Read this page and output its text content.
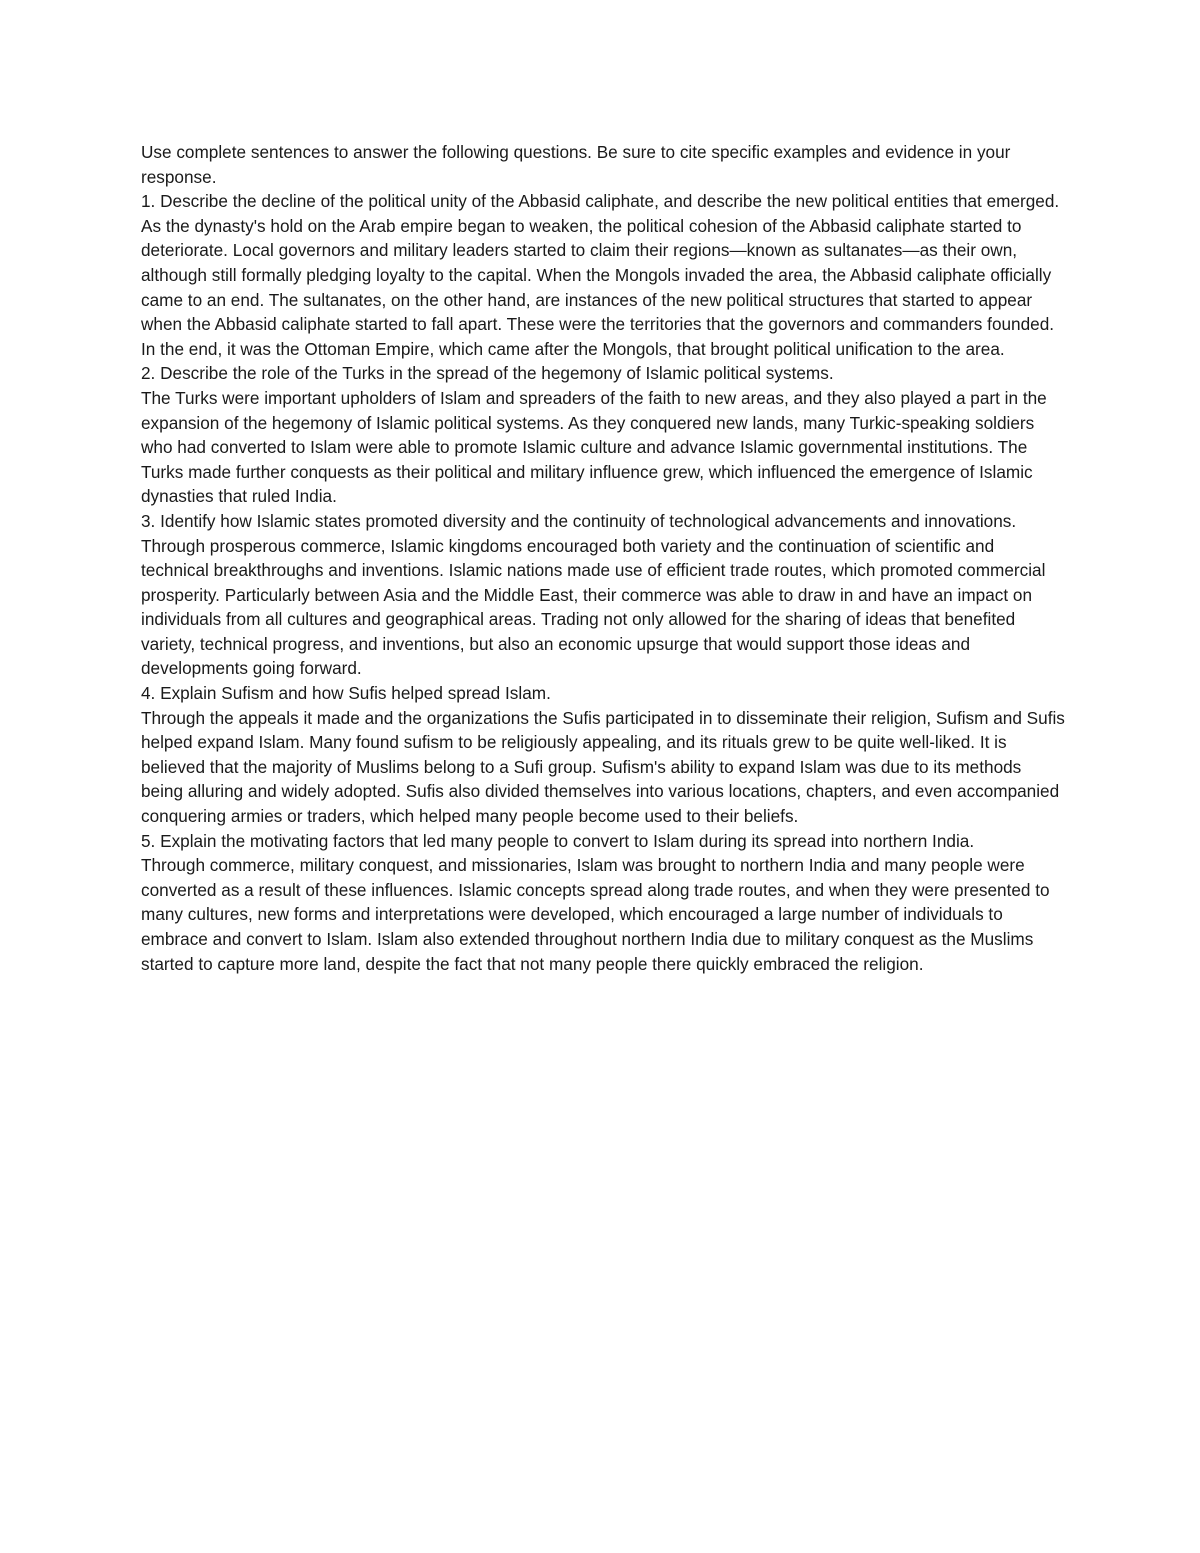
Use complete sentences to answer the following questions. Be sure to cite specific examples and evidence in your response.

1. Describe the decline of the political unity of the Abbasid caliphate, and describe the new political entities that emerged.

As the dynasty's hold on the Arab empire began to weaken, the political cohesion of the Abbasid caliphate started to deteriorate. Local governors and military leaders started to claim their regions—known as sultanates—as their own, although still formally pledging loyalty to the capital. When the Mongols invaded the area, the Abbasid caliphate officially came to an end. The sultanates, on the other hand, are instances of the new political structures that started to appear when the Abbasid caliphate started to fall apart. These were the territories that the governors and commanders founded. In the end, it was the Ottoman Empire, which came after the Mongols, that brought political unification to the area.

2. Describe the role of the Turks in the spread of the hegemony of Islamic political systems.

The Turks were important upholders of Islam and spreaders of the faith to new areas, and they also played a part in the expansion of the hegemony of Islamic political systems. As they conquered new lands, many Turkic-speaking soldiers who had converted to Islam were able to promote Islamic culture and advance Islamic governmental institutions. The Turks made further conquests as their political and military influence grew, which influenced the emergence of Islamic dynasties that ruled India.

3. Identify how Islamic states promoted diversity and the continuity of technological advancements and innovations.

Through prosperous commerce, Islamic kingdoms encouraged both variety and the continuation of scientific and technical breakthroughs and inventions. Islamic nations made use of efficient trade routes, which promoted commercial prosperity. Particularly between Asia and the Middle East, their commerce was able to draw in and have an impact on individuals from all cultures and geographical areas. Trading not only allowed for the sharing of ideas that benefited variety, technical progress, and inventions, but also an economic upsurge that would support those ideas and developments going forward.

4. Explain Sufism and how Sufis helped spread Islam.

Through the appeals it made and the organizations the Sufis participated in to disseminate their religion, Sufism and Sufis helped expand Islam. Many found sufism to be religiously appealing, and its rituals grew to be quite well-liked. It is believed that the majority of Muslims belong to a Sufi group. Sufism's ability to expand Islam was due to its methods being alluring and widely adopted. Sufis also divided themselves into various locations, chapters, and even accompanied conquering armies or traders, which helped many people become used to their beliefs.

5. Explain the motivating factors that led many people to convert to Islam during its spread into northern India.

Through commerce, military conquest, and missionaries, Islam was brought to northern India and many people were converted as a result of these influences. Islamic concepts spread along trade routes, and when they were presented to many cultures, new forms and interpretations were developed, which encouraged a large number of individuals to embrace and convert to Islam. Islam also extended throughout northern India due to military conquest as the Muslims started to capture more land, despite the fact that not many people there quickly embraced the religion.
